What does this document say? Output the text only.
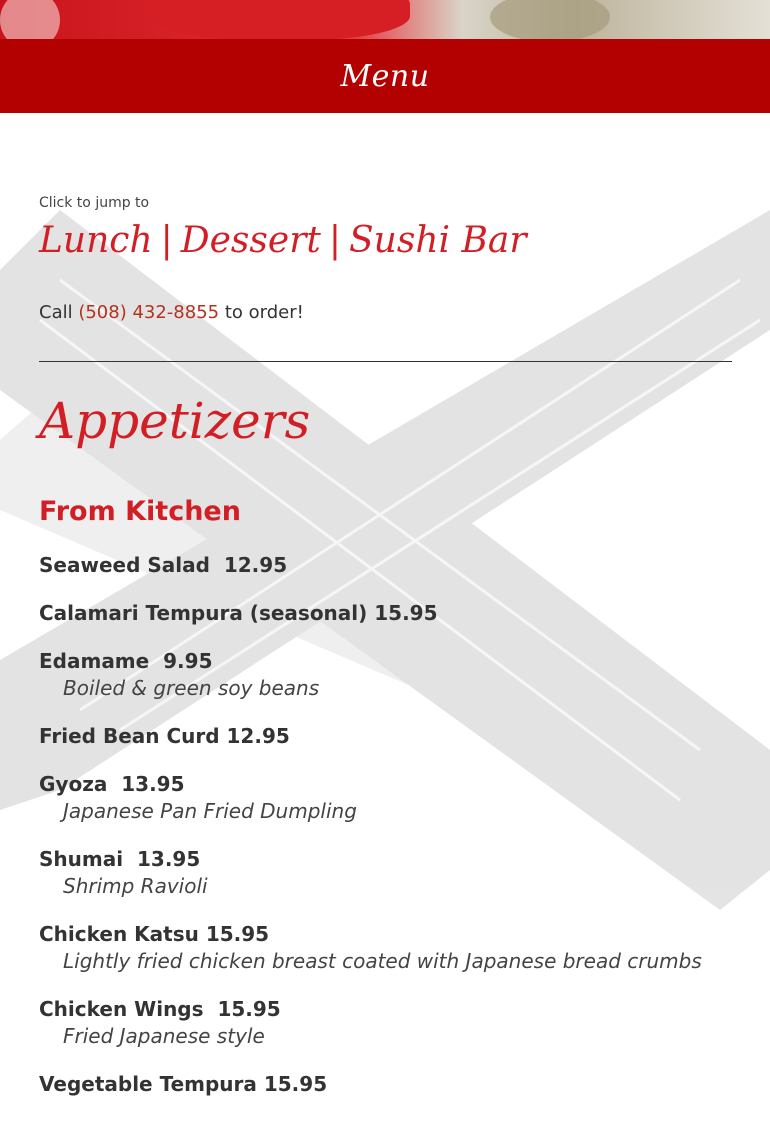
Menu
Click to jump to
Lunch | Dessert | Sushi Bar
Call (508) 432-8855 to order!
Appetizers
From Kitchen
Seaweed Salad  12.95
Calamari Tempura (seasonal) 15.95
Edamame  9.95
Boiled & green soy beans
Fried Bean Curd 12.95
Gyoza  13.95
Japanese Pan Fried Dumpling
Shumai  13.95
Shrimp Ravioli
Chicken Katsu 15.95
Lightly fried chicken breast coated with Japanese bread crumbs
Chicken Wings  15.95
Fried Japanese style
Vegetable Tempura 15.95
